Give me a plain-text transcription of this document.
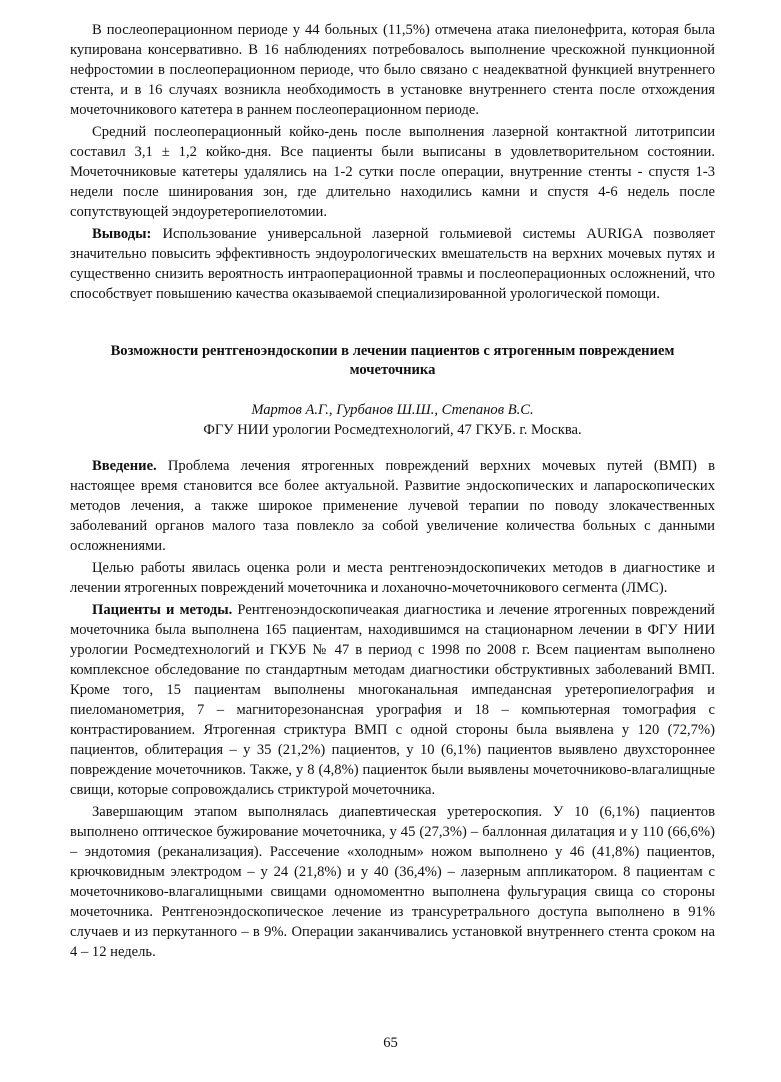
В послеоперационном периоде у 44 больных (11,5%) отмечена атака пиелонефрита, которая была купирована консервативно. В 16 наблюдениях потребовалось выполнение чрескожной пункционной нефростомии в послеоперационном периоде, что было связано с неадекватной функцией внутреннего стента, и в 16 случаях возникла необходимость в установке внутреннего стента после отхождения мочеточникового катетера в раннем послеоперационном периоде.

Средний послеоперационный койко-день после выполнения лазерной контактной литотрипсии составил 3,1 ± 1,2 койко-дня. Все пациенты были выписаны в удовлетворительном состоянии. Мочеточниковые катетеры удалялись на 1-2 сутки после операции, внутренние стенты - спустя 1-3 недели после шинирования зон, где длительно находились камни и спустя 4-6 недель после сопутствующей эндоуретеропиелотомии.

Выводы: Использование универсальной лазерной гольмиевой системы AURIGA позволяет значительно повысить эффективность эндоурологических вмешательств на верхних мочевых путях и существенно снизить вероятность интраоперационной травмы и послеоперационных осложнений, что способствует повышению качества оказываемой специализированной урологической помощи.

Возможности рентгеноэндоскопии в лечении пациентов с ятрогенным повреждением мочеточника
Мартов А.Г., Гурбанов Ш.Ш., Степанов В.С.
ФГУ НИИ урологии Росмедтехнологий, 47 ГКУБ. г. Москва.

Введение. Проблема лечения ятрогенных повреждений верхних мочевых путей (ВМП) в настоящее время становится все более актуальной. Развитие эндоскопических и лапароскопических методов лечения, а также широкое применение лучевой терапии по поводу злокачественных заболеваний органов малого таза повлекло за собой увеличение количества больных с данными осложнениями.

Целью работы явилась оценка роли и места рентгеноэндоскопичеких методов в диагностике и лечении ятрогенных повреждений мочеточника и лоханочно-мочеточникового сегмента (ЛМС).

Пациенты и методы. Рентгеноэндоскопичеакая диагностика и лечение ятрогенных повреждений мочеточника была выполнена 165 пациентам, находившимся на стационарном лечении в ФГУ НИИ урологии Росмедтехнологий и ГКУБ № 47 в период с 1998 по 2008 г. Всем пациентам выполнено комплексное обследование по стандартным методам диагностики обструктивных заболеваний ВМП. Кроме того, 15 пациентам выполнены многоканальная импедансная уретеропиелография и пиеломанометрия, 7 – магниторезонансная урография и 18 – компьютерная томография с контрастированием. Ятрогенная стриктура ВМП с одной стороны была выявлена у 120 (72,7%) пациентов, облитерация – у 35 (21,2%) пациентов, у 10 (6,1%) пациентов выявлено двухстороннее повреждение мочеточников. Также, у 8 (4,8%) пациенток были выявлены мочеточниково-влагалищные свищи, которые сопровождались стриктурой мочеточника.

Завершающим этапом выполнялась диапевтическая уретероскопия. У 10 (6,1%) пациентов выполнено оптическое бужирование мочеточника, у 45 (27,3%) – баллонная дилатация и у 110 (66,6%) – эндотомия (реканализация). Рассечение «холодным» ножом выполнено у 46 (41,8%) пациентов, крючковидным электродом – у 24 (21,8%) и у 40 (36,4%) – лазерным аппликатором. 8 пациентам с мочеточниково-влагалищными свищами одномоментно выполнена фульгурация свища со стороны мочеточника. Рентгеноэндоскопическое лечение из трансуретрального доступа выполнено в 91% случаев и из перкутанного – в 9%. Операции заканчивались установкой внутреннего стента сроком на 4 – 12 недель.

65
